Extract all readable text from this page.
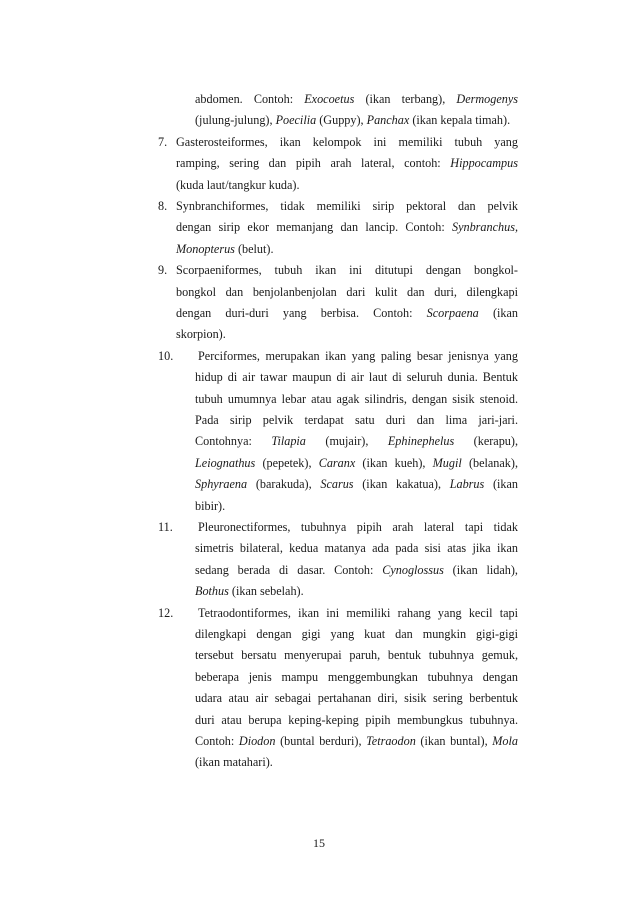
abdomen. Contoh: Exocoetus (ikan terbang), Dermogenys
(julung-julung), Poecilia (Guppy), Panchax (ikan kepala timah).
7. Gasterosteiformes, ikan kelompok ini memiliki tubuh yang
ramping, sering dan pipih arah lateral, contoh: Hippocampus
(kuda laut/tangkur kuda).
8. Synbranchiformes, tidak memiliki sirip pektoral dan pelvik
dengan sirip ekor memanjang dan lancip. Contoh: Synbranchus,
Monopterus (belut).
9. Scorpaeniformes, tubuh ikan ini ditutupi dengan bongkol-
bongkol dan benjolanbenjolan dari kulit dan duri, dilengkapi
dengan duri-duri yang berbisa. Contoh: Scorpaena (ikan
skorpion).
10. Perciformes, merupakan ikan yang paling besar jenisnya yang
hidup di air tawar maupun di air laut di seluruh dunia. Bentuk
tubuh umumnya lebar atau agak silindris, dengan sisik stenoid.
Pada sirip pelvik terdapat satu duri dan lima jari-jari.
Contohnya: Tilapia (mujair), Ephinephelus (kerapu),
Leiognathus (pepetek), Caranx (ikan kueh), Mugil (belanak),
Sphyraena (barakuda), Scarus (ikan kakatua), Labrus (ikan
bibir).
11. Pleuronectiformes, tubuhnya pipih arah lateral tapi tidak
simetris bilateral, kedua matanya ada pada sisi atas jika ikan
sedang berada di dasar. Contoh: Cynoglossus (ikan lidah),
Bothus (ikan sebelah).
12. Tetraodontiformes, ikan ini memiliki rahang yang kecil tapi
dilengkapi dengan gigi yang kuat dan mungkin gigi-gigi
tersebut bersatu menyerupai paruh, bentuk tubuhnya gemuk,
beberapa jenis mampu menggembungkan tubuhnya dengan
udara atau air sebagai pertahanan diri, sisik sering berbentuk
duri atau berupa keping-keping pipih membungkus tubuhnya.
Contoh: Diodon (buntal berduri), Tetraodon (ikan buntal), Mola
(ikan matahari).
15
